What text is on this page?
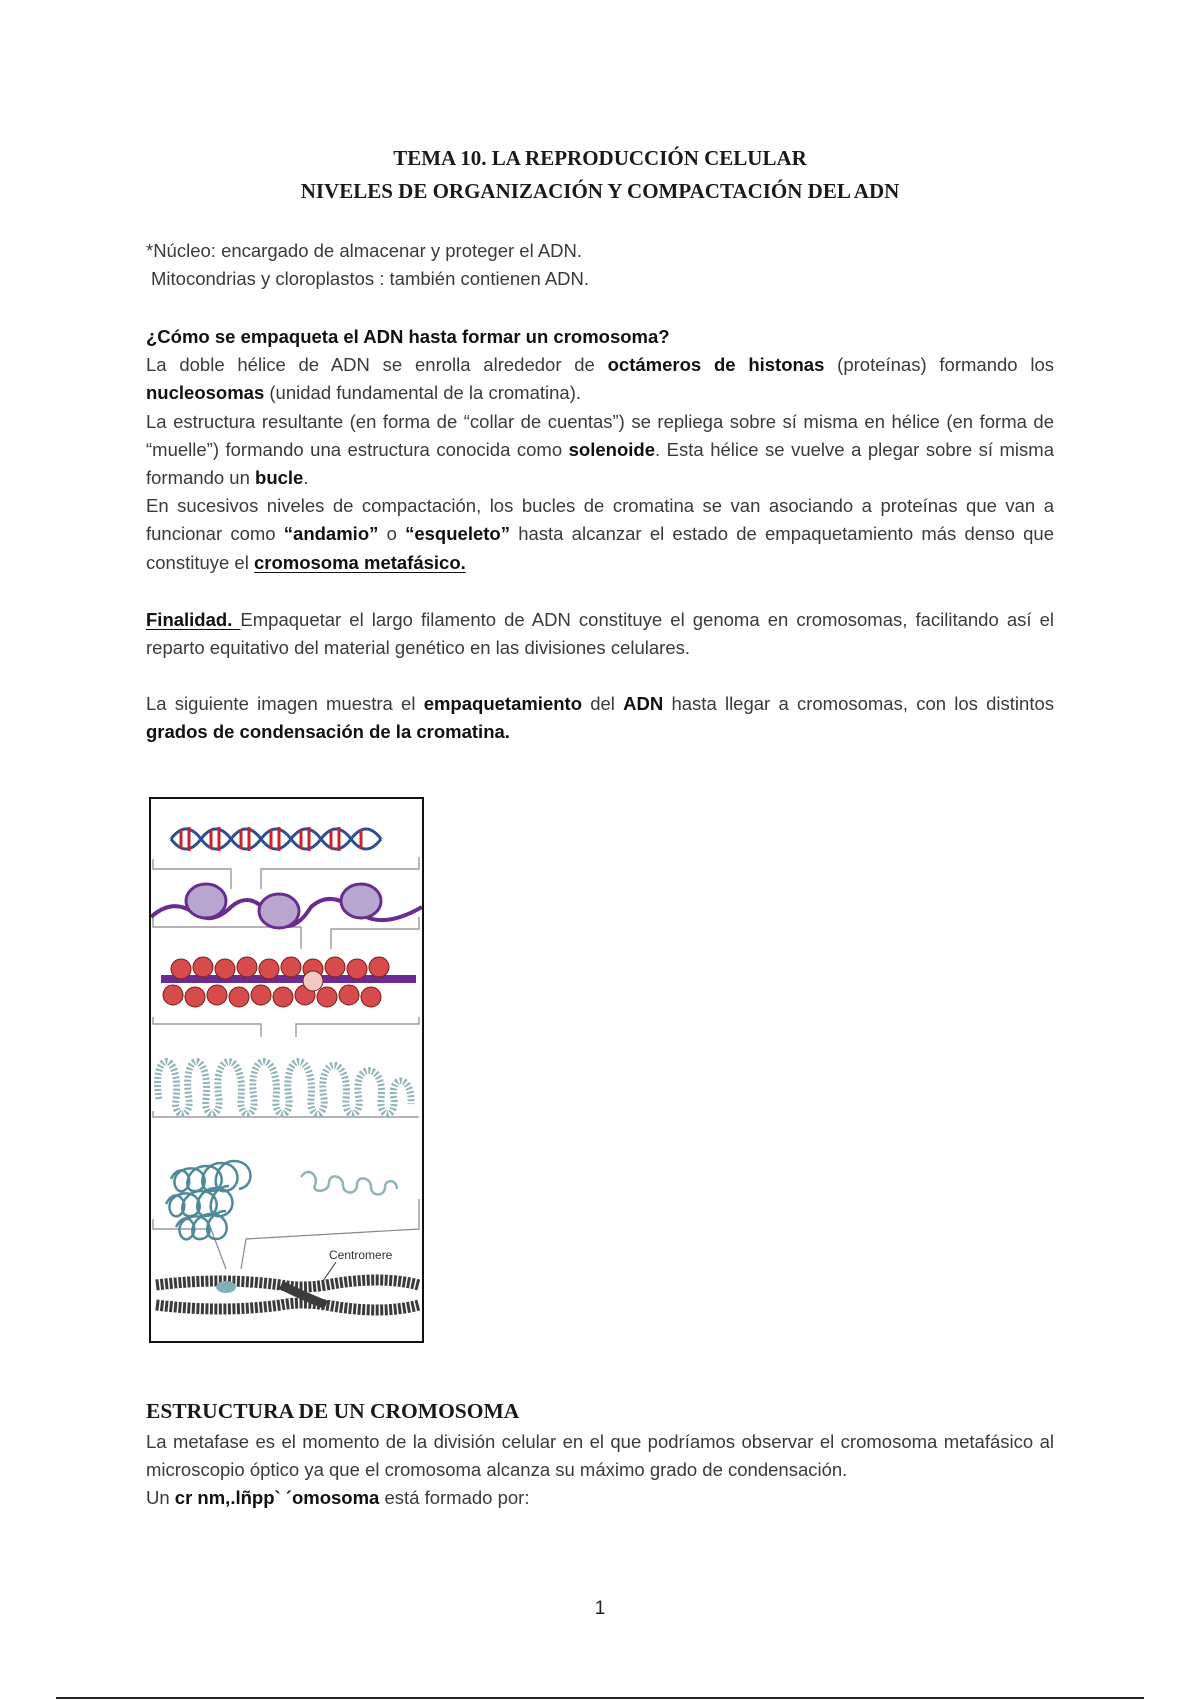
TEMA 10. LA REPRODUCCIÓN CELULAR
NIVELES DE ORGANIZACIÓN Y COMPACTACIÓN DEL ADN
*Núcleo: encargado de almacenar y proteger el ADN.
Mitocondrias y cloroplastos : también contienen ADN.

¿Cómo se empaqueta el ADN hasta formar un cromosoma?

La doble hélice de ADN se enrolla alrededor de octámeros de histonas (proteínas) formando los nucleosomas (unidad fundamental de la cromatina).

La estructura resultante (en forma de “collar de cuentas”) se repliega sobre sí misma en hélice (en forma de “muelle”) formando una estructura conocida como solenoide. Esta hélice se vuelve a plegar sobre sí misma formando un bucle.

En sucesivos niveles de compactación, los bucles de cromatina se van asociando a proteínas que van a funcionar como “andamio” o “esqueleto” hasta alcanzar el estado de empaquetamiento más denso que constituye el cromosoma metafásico.

Finalidad. Empaquetar el largo filamento de ADN constituye el genoma en cromosomas, facilitando así el reparto equitativo del material genético en las divisiones celulares.

La siguiente imagen muestra el empaquetamiento del ADN hasta llegar a cromosomas, con los distintos grados de condensación de la cromatina.

Centromere
ESTRUCTURA DE UN CROMOSOMA

La metafase es el momento de la división celular en el que podríamos observar el cromosoma metafásico al microscopio óptico ya que el cromosoma alcanza su máximo grado de condensación.

Un cr nm,.lñpp` ´omosoma está formado por:

1
